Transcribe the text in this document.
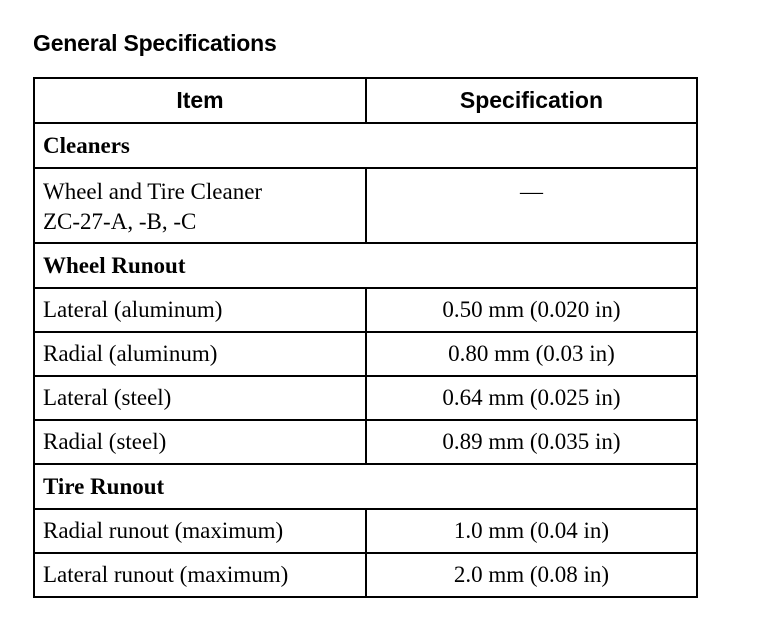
General Specifications
Item	Specification
Cleaners	

Wheel and Tire Cleaner
ZC-27-A, -B, -C	—
Wheel Runout	
Lateral (aluminum)	0.50 mm (0.020 in)
Radial (aluminum)	0.80 mm (0.03 in)
Lateral (steel)	0.64 mm (0.025 in)
Radial (steel)	0.89 mm (0.035 in)
Tire Runout	
Radial runout (maximum)	1.0 mm (0.04 in)
Lateral runout (maximum)	2.0 mm (0.08 in)
